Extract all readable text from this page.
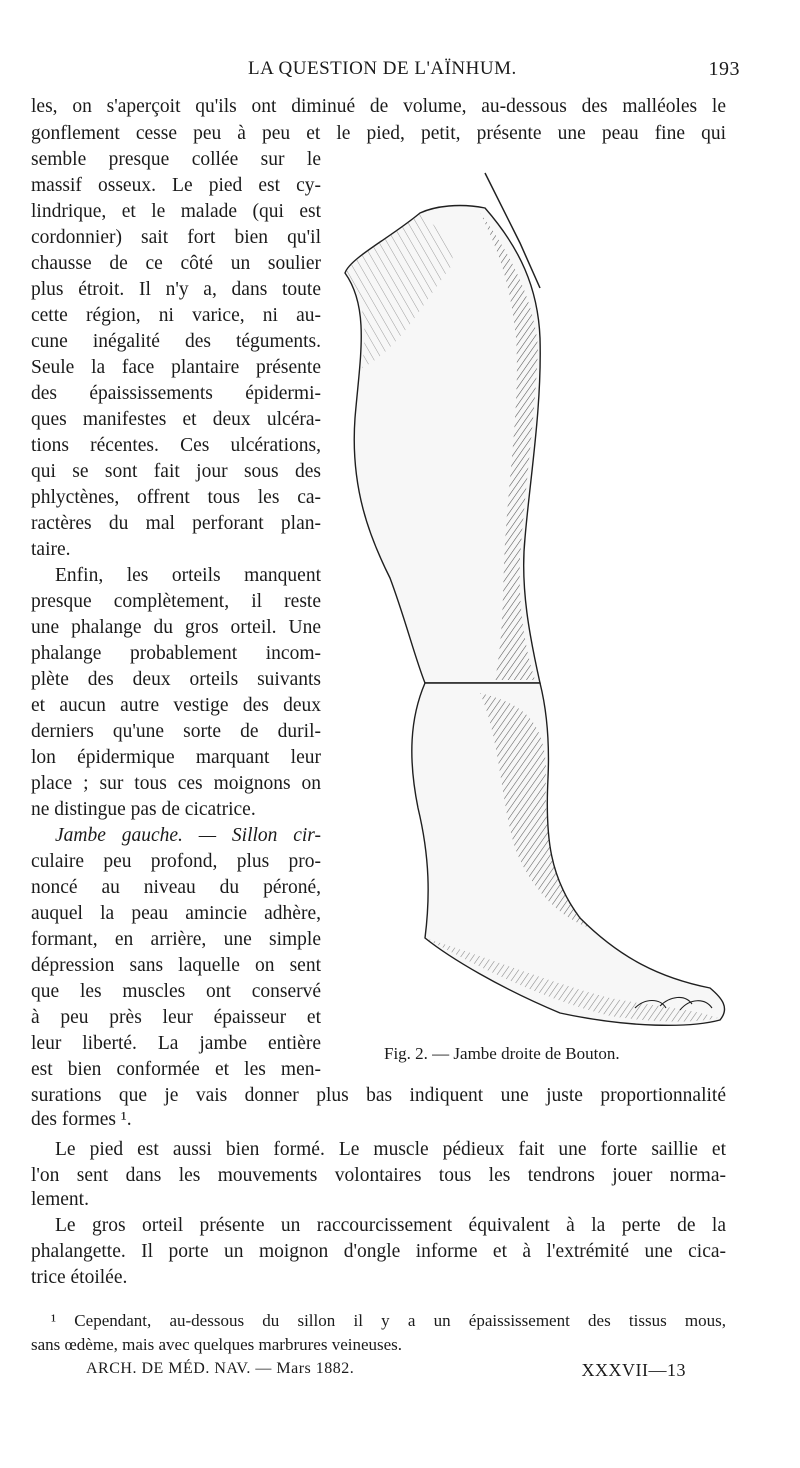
LA QUESTION DE L'AÏNHUM.	193
les, on s'aperçoit qu'ils ont diminué de volume, au-dessous des malléoles le
gonflement cesse peu à peu et le pied, petit, présente une peau fine qui
semble presque collée sur le
massif osseux. Le pied est cy-
lindrique, et le malade (qui est
cordonnier) sait fort bien qu'il
chausse de ce côté un soulier
plus étroit. Il n'y a, dans toute
cette région, ni varice, ni au-
cune inégalité des téguments.
Seule la face plantaire présente
des épaississements épidermi-
ques manifestes et deux ulcéra-
tions récentes. Ces ulcérations,
qui se sont fait jour sous des
phlyctènes, offrent tous les ca-
ractères du mal perforant plan-
taire.
Enfin, les orteils manquent
presque complètement, il reste
une phalange du gros orteil. Une
phalange probablement incom-
plète des deux orteils suivants
et aucun autre vestige des deux
derniers qu'une sorte de duril-
lon épidermique marquant leur
place ; sur tous ces moignons on
ne distingue pas de cicatrice.
Jambe gauche. — Sillon cir-
culaire peu profond, plus pro-
noncé au niveau du péroné,
auquel la peau amincie adhère,
formant, en arrière, une simple
dépression sans laquelle on sent
que les muscles ont conservé
à peu près leur épaisseur et
leur liberté. La jambe entière
est bien conformée et les men-
surations que je vais donner plus bas indiquent une juste proportionnalité
des formes ¹.
Le pied est aussi bien formé. Le muscle pédieux fait une forte saillie et
l'on sent dans les mouvements volontaires tous les tendrons jouer norma-
lement.
Le gros orteil présente un raccourcissement équivalent à la perte de la
phalangette. Il porte un moignon d'ongle informe et à l'extrémité une cica-
trice étoilée.
Fig. 2. — Jambe droite de Bouton.
¹ Cependant, au-dessous du sillon il y a un épaississement des tissus mous,
sans œdème, mais avec quelques marbrures veineuses.
ARCH. DE MÉD. NAV. — Mars 1882.	XXXVII—13
